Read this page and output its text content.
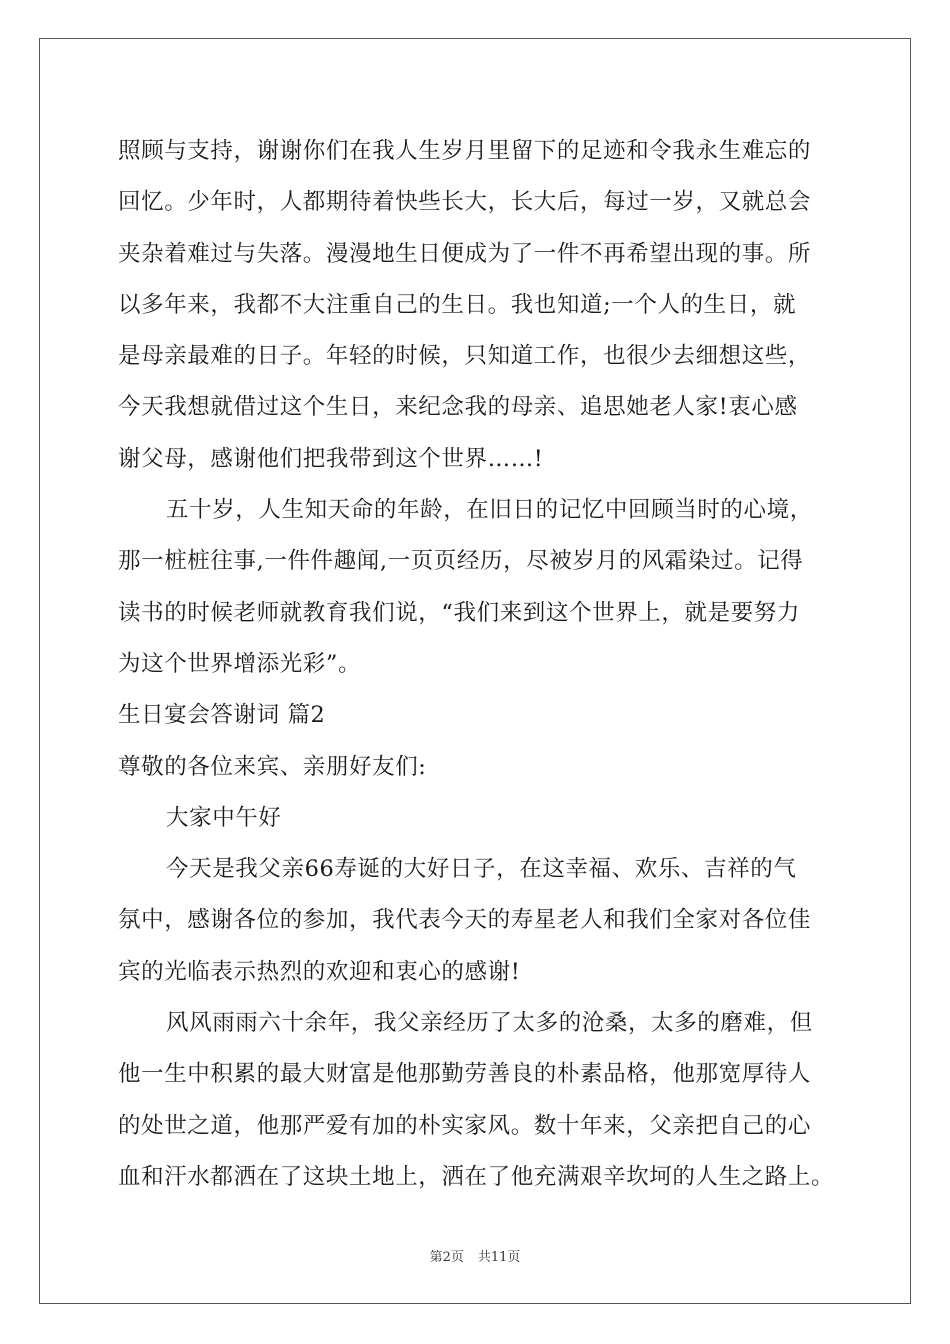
照顾与支持，谢谢你们在我人生岁月里留下的足迹和令我永生难忘的
回忆。少年时，人都期待着快些长大，长大后，每过一岁，又就总会
夹杂着难过与失落。漫漫地生日便成为了一件不再希望出现的事。所
以多年来，我都不大注重自己的生日。我也知道;一个人的生日，就
是母亲最难的日子。年轻的时候，只知道工作，也很少去细想这些，
今天我想就借过这个生日，来纪念我的母亲、追思她老人家!衷心感
谢父母，感谢他们把我带到这个世界……!
五十岁，人生知天命的年龄，在旧日的记忆中回顾当时的心境，
那一桩桩往事,一件件趣闻,一页页经历，尽被岁月的风霜染过。记得
读书的时候老师就教育我们说，“我们来到这个世界上，就是要努力
为这个世界增添光彩”。
生日宴会答谢词 篇2
尊敬的各位来宾、亲朋好友们:
大家中午好
今天是我父亲66寿诞的大好日子，在这幸福、欢乐、吉祥的气
氛中，感谢各位的参加，我代表今天的寿星老人和我们全家对各位佳
宾的光临表示热烈的欢迎和衷心的感谢!
风风雨雨六十余年，我父亲经历了太多的沧桑，太多的磨难，但
他一生中积累的最大财富是他那勤劳善良的朴素品格，他那宽厚待人
的处世之道，他那严爱有加的朴实家风。数十年来，父亲把自己的心
血和汗水都洒在了这块土地上，洒在了他充满艰辛坎坷的人生之路上。
第2页 共11页
